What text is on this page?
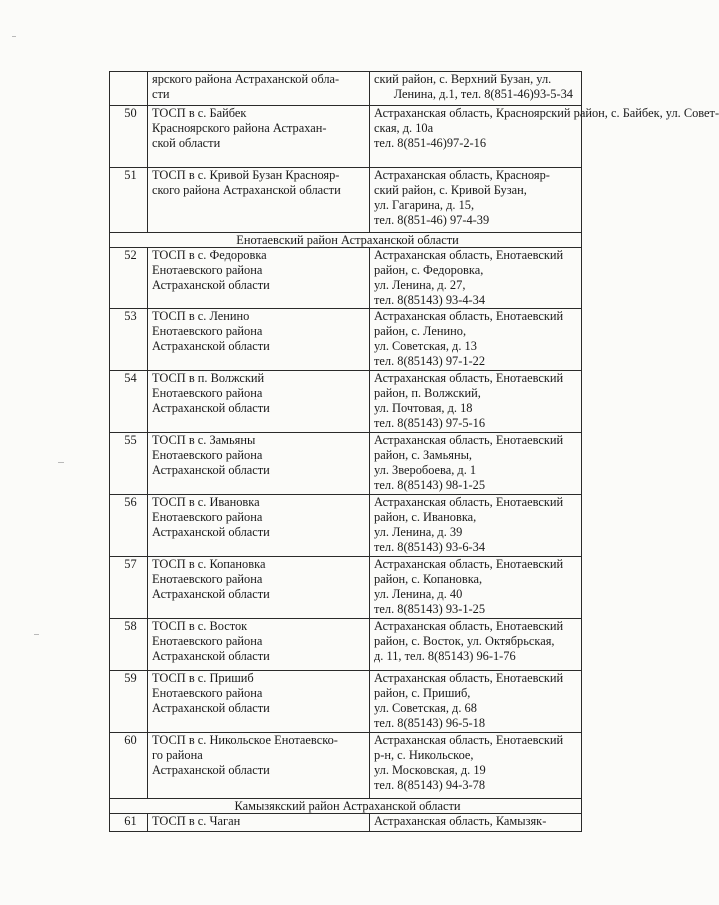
	ярского района Астраханской обла-
сти	ский район, с. Верхний Бузан, ул.
Ленина, д.1, тел. 8(851-46)93-5-34

50	ТОСП в с. Байбек
Красноярского района Астрахан-
ской области	Астраханская область, Красноярский район, с. Байбек, ул. Совет-
ская, д. 10а
тел. 8(851-46)97-2-16

51	ТОСП в с. Кривой Бузан Краснояр-
ского района Астраханской области	Астраханская область, Краснояр-
ский район, с. Кривой Бузан,
ул. Гагарина, д. 15,
тел. 8(851-46) 97-4-39

Енотаевский район Астраханской области		
52	ТОСП в с. Федоровка
Енотаевского района
Астраханской области	Астраханская область, Енотаевский
район, с. Федоровка,
ул. Ленина, д. 27,
тел. 8(85143) 93-4-34

53	ТОСП в с. Ленино
Енотаевского района
Астраханской области	Астраханская область, Енотаевский
район, с. Ленино,
ул. Советская, д. 13
тел. 8(85143) 97-1-22

54	ТОСП в п. Волжский
Енотаевского района
Астраханской области	Астраханская область, Енотаевский
район, п. Волжский,
ул. Почтовая, д. 18
тел. 8(85143) 97-5-16

55	ТОСП в с. Замьяны
Енотаевского района
Астраханской области	Астраханская область, Енотаевский
район, с. Замьяны,
ул. Зверобоева, д. 1
тел. 8(85143) 98-1-25

56	ТОСП в с. Ивановка
Енотаевского района
Астраханской области	Астраханская область, Енотаевский
район, с. Ивановка,
ул. Ленина, д. 39
тел. 8(85143) 93-6-34

57	ТОСП в с. Копановка
Енотаевского района
Астраханской области	Астраханская область, Енотаевский
район, с. Копановка,
ул. Ленина, д. 40
тел. 8(85143) 93-1-25

58	ТОСП в с. Восток
Енотаевского района
Астраханской области	Астраханская область, Енотаевский
район, с. Восток, ул. Октябрьская,
д. 11, тел. 8(85143) 96-1-76

59	ТОСП в с. Пришиб
Енотаевского района
Астраханской области	Астраханская область, Енотаевский
район, с. Пришиб,
ул. Советская, д. 68
тел. 8(85143) 96-5-18

60	ТОСП в с. Никольское Енотаевско-
го района
Астраханской области	Астраханская область, Енотаевский
р-н, с. Никольское,
ул. Московская, д. 19
тел. 8(85143) 94-3-78

Камызякский район Астраханской области		
61	ТОСП в с. Чаган	Астраханская область, Камызяк-
